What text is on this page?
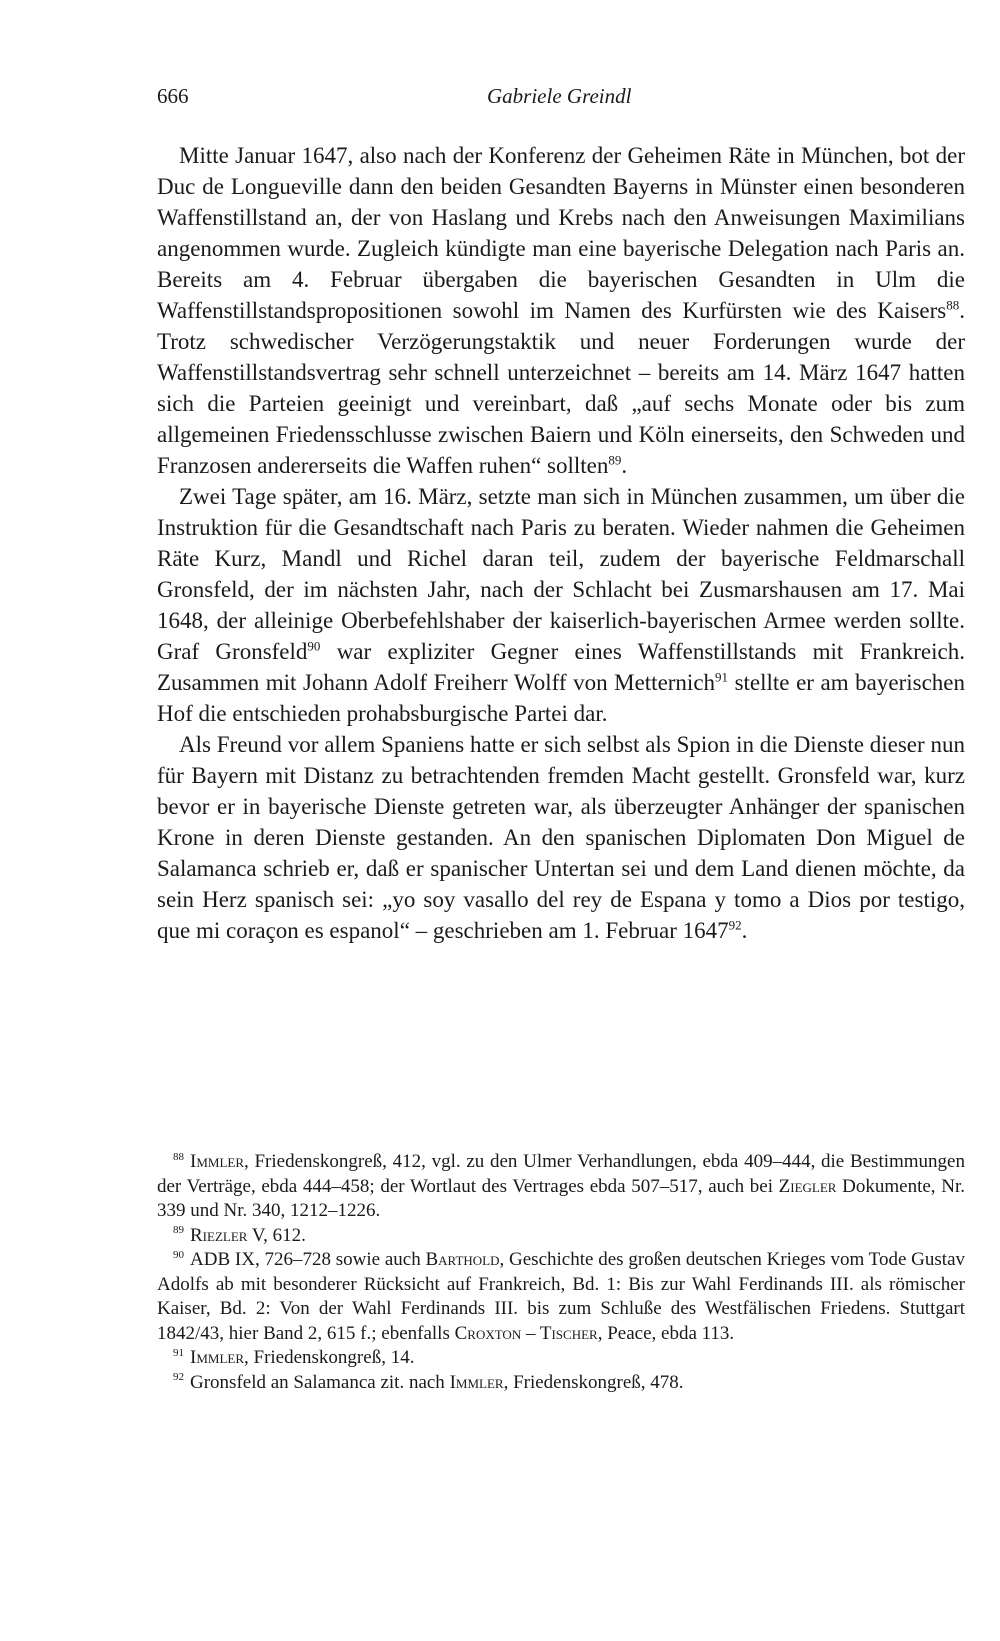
666	Gabriele Greindl

Mitte Januar 1647, also nach der Konferenz der Geheimen Räte in München, bot der Duc de Longueville dann den beiden Gesandten Bayerns in Münster einen besonderen Waffenstillstand an, der von Haslang und Krebs nach den Anweisungen Maximilians angenommen wurde. Zugleich kündigte man eine bayerische Delegation nach Paris an. Bereits am 4. Februar übergaben die bayerischen Gesandten in Ulm die Waffenstillstandspropositionen sowohl im Namen des Kurfürsten wie des Kaisers$^{88}$. Trotz schwedischer Verzögerungstaktik und neuer Forderungen wurde der Waffenstillstandsvertrag sehr schnell unterzeichnet – bereits am 14. März 1647 hatten sich die Parteien geeinigt und vereinbart, daß „auf sechs Monate oder bis zum allgemeinen Friedensschlusse zwischen Baiern und Köln einerseits, den Schweden und Franzosen andererseits die Waffen ruhen“ sollten$^{89}$.

Zwei Tage später, am 16. März, setzte man sich in München zusammen, um über die Instruktion für die Gesandtschaft nach Paris zu beraten. Wieder nahmen die Geheimen Räte Kurz, Mandl und Richel daran teil, zudem der bayerische Feldmarschall Gronsfeld, der im nächsten Jahr, nach der Schlacht bei Zusmarshausen am 17. Mai 1648, der alleinige Oberbefehlshaber der kaiserlich-bayerischen Armee werden sollte. Graf Gronsfeld$^{90}$ war expliziter Gegner eines Waffenstillstands mit Frankreich. Zusammen mit Johann Adolf Freiherr Wolff von Metternich$^{91}$ stellte er am bayerischen Hof die entschieden prohabsburgische Partei dar.

Als Freund vor allem Spaniens hatte er sich selbst als Spion in die Dienste dieser nun für Bayern mit Distanz zu betrachtenden fremden Macht gestellt. Gronsfeld war, kurz bevor er in bayerische Dienste getreten war, als überzeugter Anhänger der spanischen Krone in deren Dienste gestanden. An den spanischen Diplomaten Don Miguel de Salamanca schrieb er, daß er spanischer Untertan sei und dem Land dienen möchte, da sein Herz spanisch sei: „yo soy vasallo del rey de Espana y tomo a Dios por testigo, que mi coraçon es espanol“ – geschrieben am 1. Februar 1647$^{92}$.

$^{88}$ Immler, Friedenskongreß, 412, vgl. zu den Ulmer Verhandlungen, ebda 409–444, die Bestimmungen der Verträge, ebda 444–458; der Wortlaut des Vertrages ebda 507–517, auch bei Ziegler Dokumente, Nr. 339 und Nr. 340, 1212–1226.

$^{89}$ Riezler V, 612.

$^{90}$ ADB IX, 726–728 sowie auch Barthold, Geschichte des großen deutschen Krieges vom Tode Gustav Adolfs ab mit besonderer Rücksicht auf Frankreich, Bd. 1: Bis zur Wahl Ferdinands III. als römischer Kaiser, Bd. 2: Von der Wahl Ferdinands III. bis zum Schluße des Westfälischen Friedens. Stuttgart 1842/43, hier Band 2, 615 f.; ebenfalls Croxton – Tischer, Peace, ebda 113.

$^{91}$ Immler, Friedenskongreß, 14.

$^{92}$ Gronsfeld an Salamanca zit. nach Immler, Friedenskongreß, 478.
